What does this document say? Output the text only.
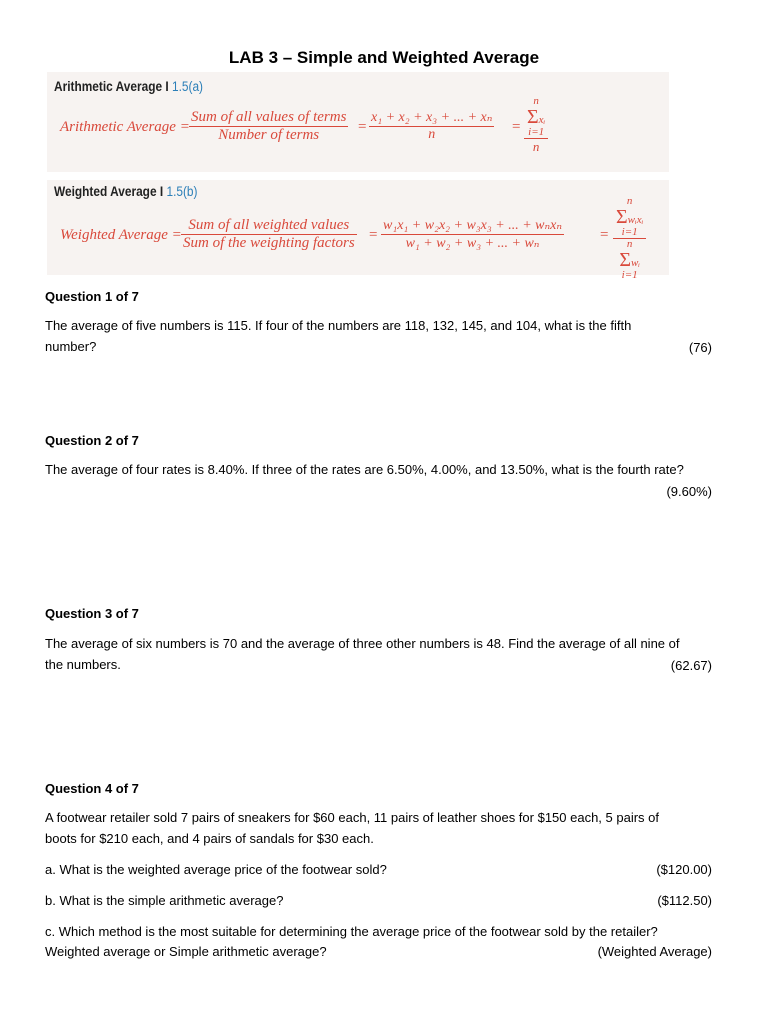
LAB 3 – Simple and Weighted Average
Arithmetic Average I 1.5(a)
Arithmetic Average =
Sum of all values of terms
Number of terms	= $\frac{\text{x₁ + x₂ + x₃ + ... + xₙ}}{n}$ =
n
Σxᵢ
i=1
n
Weighted Average I 1.5(b)
Weighted Average =
Sum of all weighted values
Sum of the weighting factors =
w₁x₁ + w₂x₂ + w₃x₃ + ... + wₙxₙ
w₁ + w₂ + w₃ + ... + wₙ
=
n
Σwᵢxᵢ
i=1
n
Σwᵢ
i=1
Question 1 of 7
The average of five numbers is 115. If four of the numbers are 118, 132, 145, and 104, what is the fifth
number?	(76)
Question 2 of 7
The average of four rates is 8.40%. If three of the rates are 6.50%, 4.00%, and 13.50%, what is the fourth rate?
(9.60%)
Question 3 of 7
The average of six numbers is 70 and the average of three other numbers is 48. Find the average of all nine of
the numbers.	(62.67)
Question 4 of 7
A footwear retailer sold 7 pairs of sneakers for $60 each, 11 pairs of leather shoes for $150 each, 5 pairs of
boots for $210 each, and 4 pairs of sandals for $30 each.
a. What is the weighted average price of the footwear sold?	($120.00)
b. What is the simple arithmetic average?	($112.50)
c. Which method is the most suitable for determining the average price of the footwear sold by the retailer?
Weighted average or Simple arithmetic average?	(Weighted Average)
